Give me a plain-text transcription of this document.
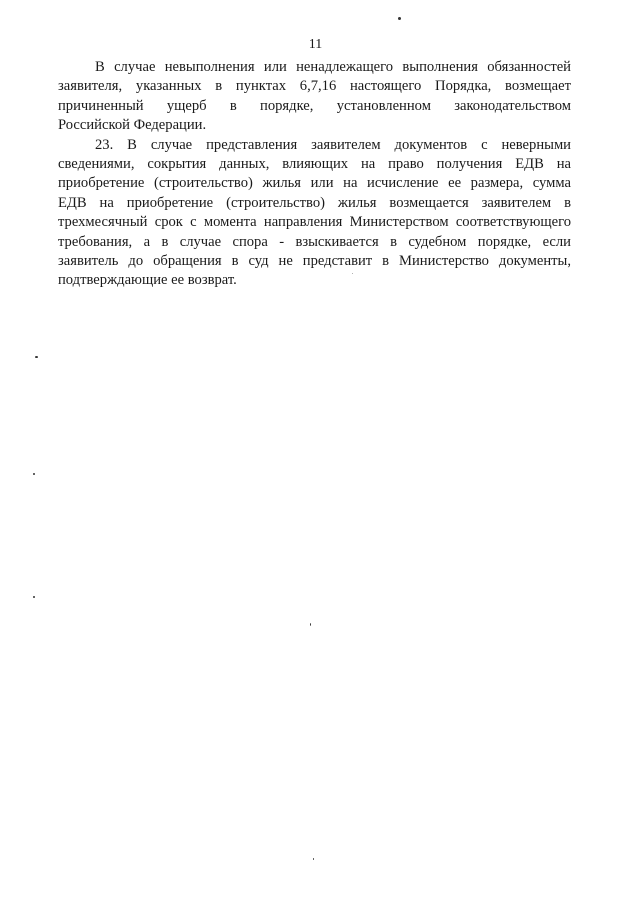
11
В случае невыполнения или ненадлежащего выполнения обязанностей
заявителя, указанных в пунктах 6,7,16 настоящего Порядка, возмещает
причиненный ущерб в порядке, установленном законодательством
Российской Федерации.
23. В случае представления заявителем документов с неверными
сведениями, сокрытия данных, влияющих на право получения ЕДВ на
приобретение (строительство) жилья или на исчисление ее размера, сумма
ЕДВ на приобретение (строительство) жилья возмещается заявителем в
трехмесячный срок с момента направления Министерством соответствующего
требования, а в случае спора - взыскивается в судебном порядке, если
заявитель до обращения в суд не представит в Министерство документы,
подтверждающие ее возврат.
